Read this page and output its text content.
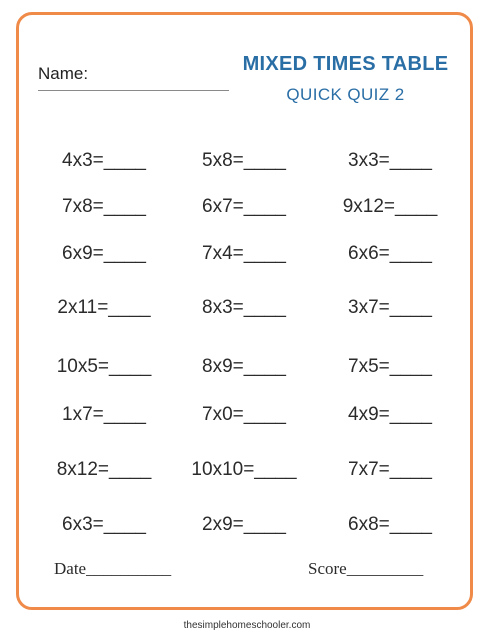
Name:	MIXED TIMES TABLE
QUICK QUIZ 2
4x3=____	5x8=____	3x3=____
7x8=____	6x7=____	9x12=____
6x9=____	7x4=____	6x6=____
2x11=____	8x3=____	3x7=____
10x5=____	8x9=____	7x5=____
1x7=____	7x0=____	4x9=____
8x12=____ 10x10=____	7x7=____
6x3=____	2x9=____	6x8=____
Date__________	Score_________
thesimplehomeschooler.com
